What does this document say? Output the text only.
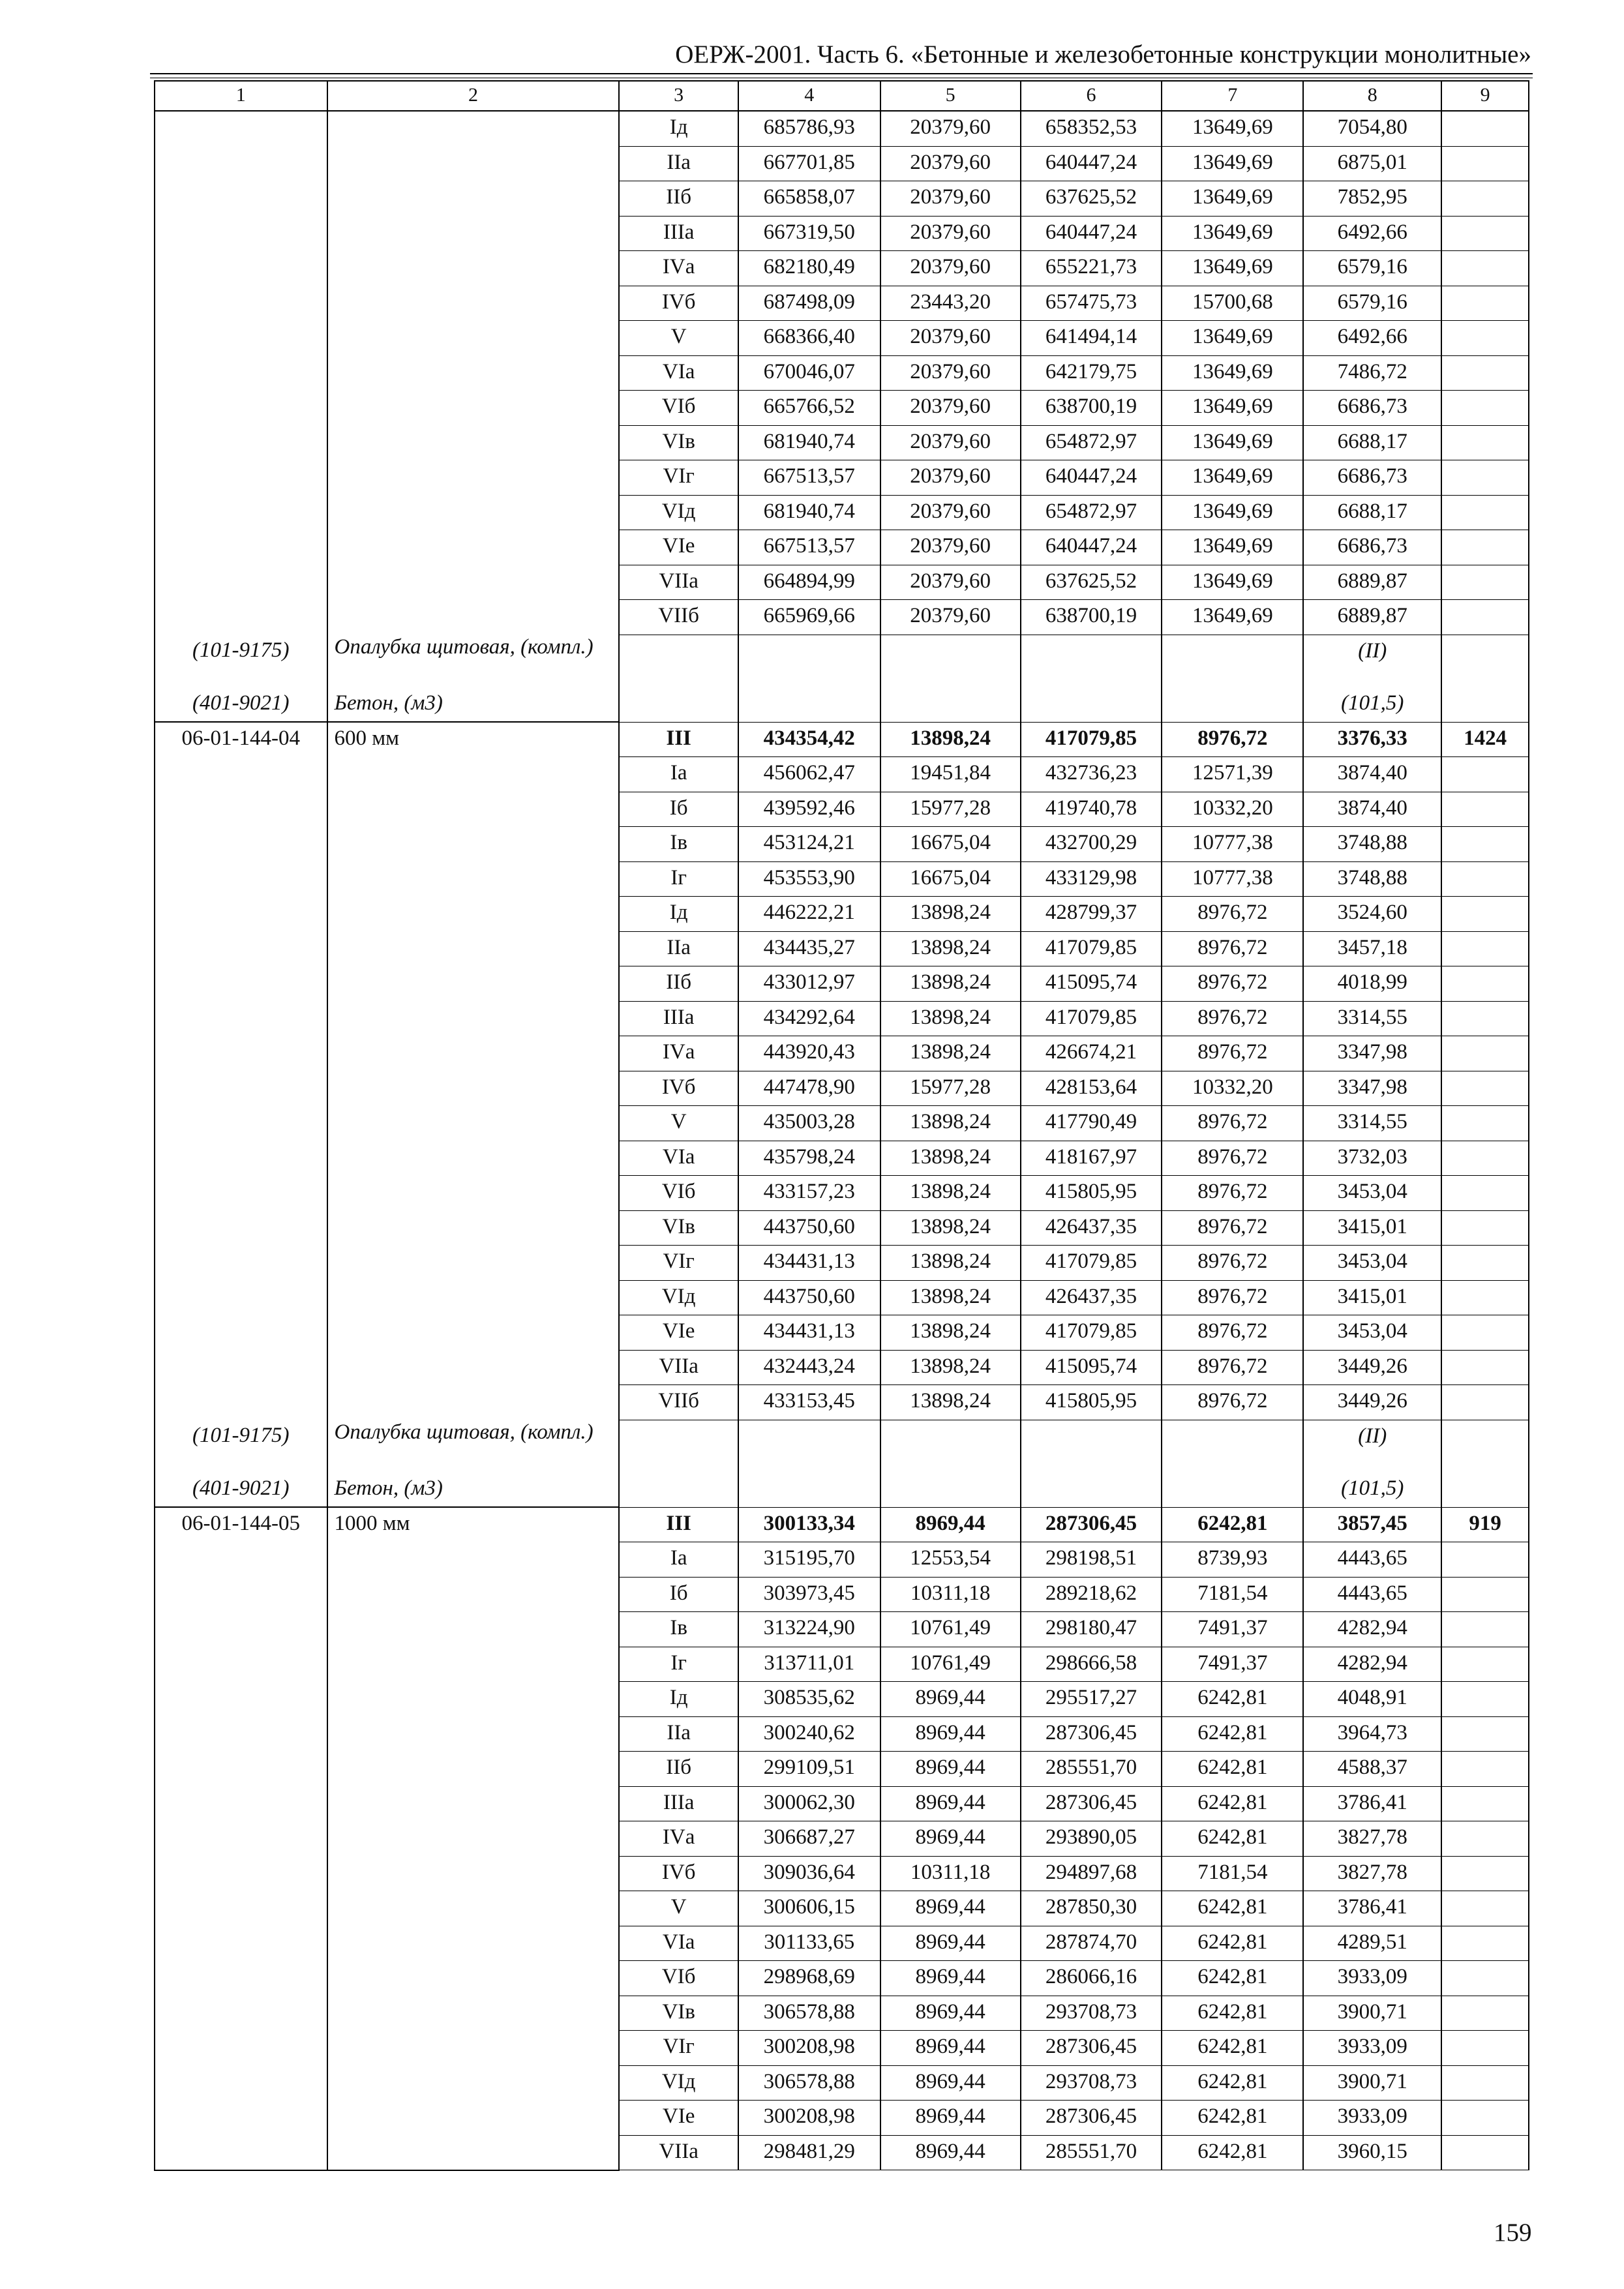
ОЕРЖ-2001. Часть 6. «Бетонные и железобетонные конструкции монолитные»
1	2	3	4	5	6	7	8	9
		Iд	685786,93	20379,60	658352,53	13649,69	7054,80	
		IIа	667701,85	20379,60	640447,24	13649,69	6875,01	
		IIб	665858,07	20379,60	637625,52	13649,69	7852,95	
		IIIа	667319,50	20379,60	640447,24	13649,69	6492,66	
		IVа	682180,49	20379,60	655221,73	13649,69	6579,16	
		IVб	687498,09	23443,20	657475,73	15700,68	6579,16	
		V	668366,40	20379,60	641494,14	13649,69	6492,66	
		VIа	670046,07	20379,60	642179,75	13649,69	7486,72	
		VIб	665766,52	20379,60	638700,19	13649,69	6686,73	
		VIв	681940,74	20379,60	654872,97	13649,69	6688,17	
		VIг	667513,57	20379,60	640447,24	13649,69	6686,73	
		VIд	681940,74	20379,60	654872,97	13649,69	6688,17	
		VIе	667513,57	20379,60	640447,24	13649,69	6686,73	
		VIIа	664894,99	20379,60	637625,52	13649,69	6889,87	
		VIIб	665969,66	20379,60	638700,19	13649,69	6889,87	
(101-9175)	Опалубка щитовая, (компл.)						(II)	
(401-9021)	Бетон, (м3)						(101,5)	
06-01-144-04	600 мм	III	434354,42	13898,24	417079,85	8976,72	3376,33	1424
		Iа	456062,47	19451,84	432736,23	12571,39	3874,40	
		Iб	439592,46	15977,28	419740,78	10332,20	3874,40	
		Iв	453124,21	16675,04	432700,29	10777,38	3748,88	
		Iг	453553,90	16675,04	433129,98	10777,38	3748,88	
		Iд	446222,21	13898,24	428799,37	8976,72	3524,60	
		IIа	434435,27	13898,24	417079,85	8976,72	3457,18	
		IIб	433012,97	13898,24	415095,74	8976,72	4018,99	
		IIIа	434292,64	13898,24	417079,85	8976,72	3314,55	
		IVа	443920,43	13898,24	426674,21	8976,72	3347,98	
		IVб	447478,90	15977,28	428153,64	10332,20	3347,98	
		V	435003,28	13898,24	417790,49	8976,72	3314,55	
		VIа	435798,24	13898,24	418167,97	8976,72	3732,03	
		VIб	433157,23	13898,24	415805,95	8976,72	3453,04	
		VIв	443750,60	13898,24	426437,35	8976,72	3415,01	
		VIг	434431,13	13898,24	417079,85	8976,72	3453,04	
		VIд	443750,60	13898,24	426437,35	8976,72	3415,01	
		VIе	434431,13	13898,24	417079,85	8976,72	3453,04	
		VIIа	432443,24	13898,24	415095,74	8976,72	3449,26	
		VIIб	433153,45	13898,24	415805,95	8976,72	3449,26	
(101-9175)	Опалубка щитовая, (компл.)						(II)	
(401-9021)	Бетон, (м3)						(101,5)	
06-01-144-05	1000 мм	III	300133,34	8969,44	287306,45	6242,81	3857,45	919
		Iа	315195,70	12553,54	298198,51	8739,93	4443,65	
		Iб	303973,45	10311,18	289218,62	7181,54	4443,65	
		Iв	313224,90	10761,49	298180,47	7491,37	4282,94	
		Iг	313711,01	10761,49	298666,58	7491,37	4282,94	
		Iд	308535,62	8969,44	295517,27	6242,81	4048,91	
		IIа	300240,62	8969,44	287306,45	6242,81	3964,73	
		IIб	299109,51	8969,44	285551,70	6242,81	4588,37	
		IIIа	300062,30	8969,44	287306,45	6242,81	3786,41	
		IVа	306687,27	8969,44	293890,05	6242,81	3827,78	
		IVб	309036,64	10311,18	294897,68	7181,54	3827,78	
		V	300606,15	8969,44	287850,30	6242,81	3786,41	
		VIа	301133,65	8969,44	287874,70	6242,81	4289,51	
		VIб	298968,69	8969,44	286066,16	6242,81	3933,09	
		VIв	306578,88	8969,44	293708,73	6242,81	3900,71	
		VIг	300208,98	8969,44	287306,45	6242,81	3933,09	
		VIд	306578,88	8969,44	293708,73	6242,81	3900,71	
		VIе	300208,98	8969,44	287306,45	6242,81	3933,09	
		VIIа	298481,29	8969,44	285551,70	6242,81	3960,15	
159
